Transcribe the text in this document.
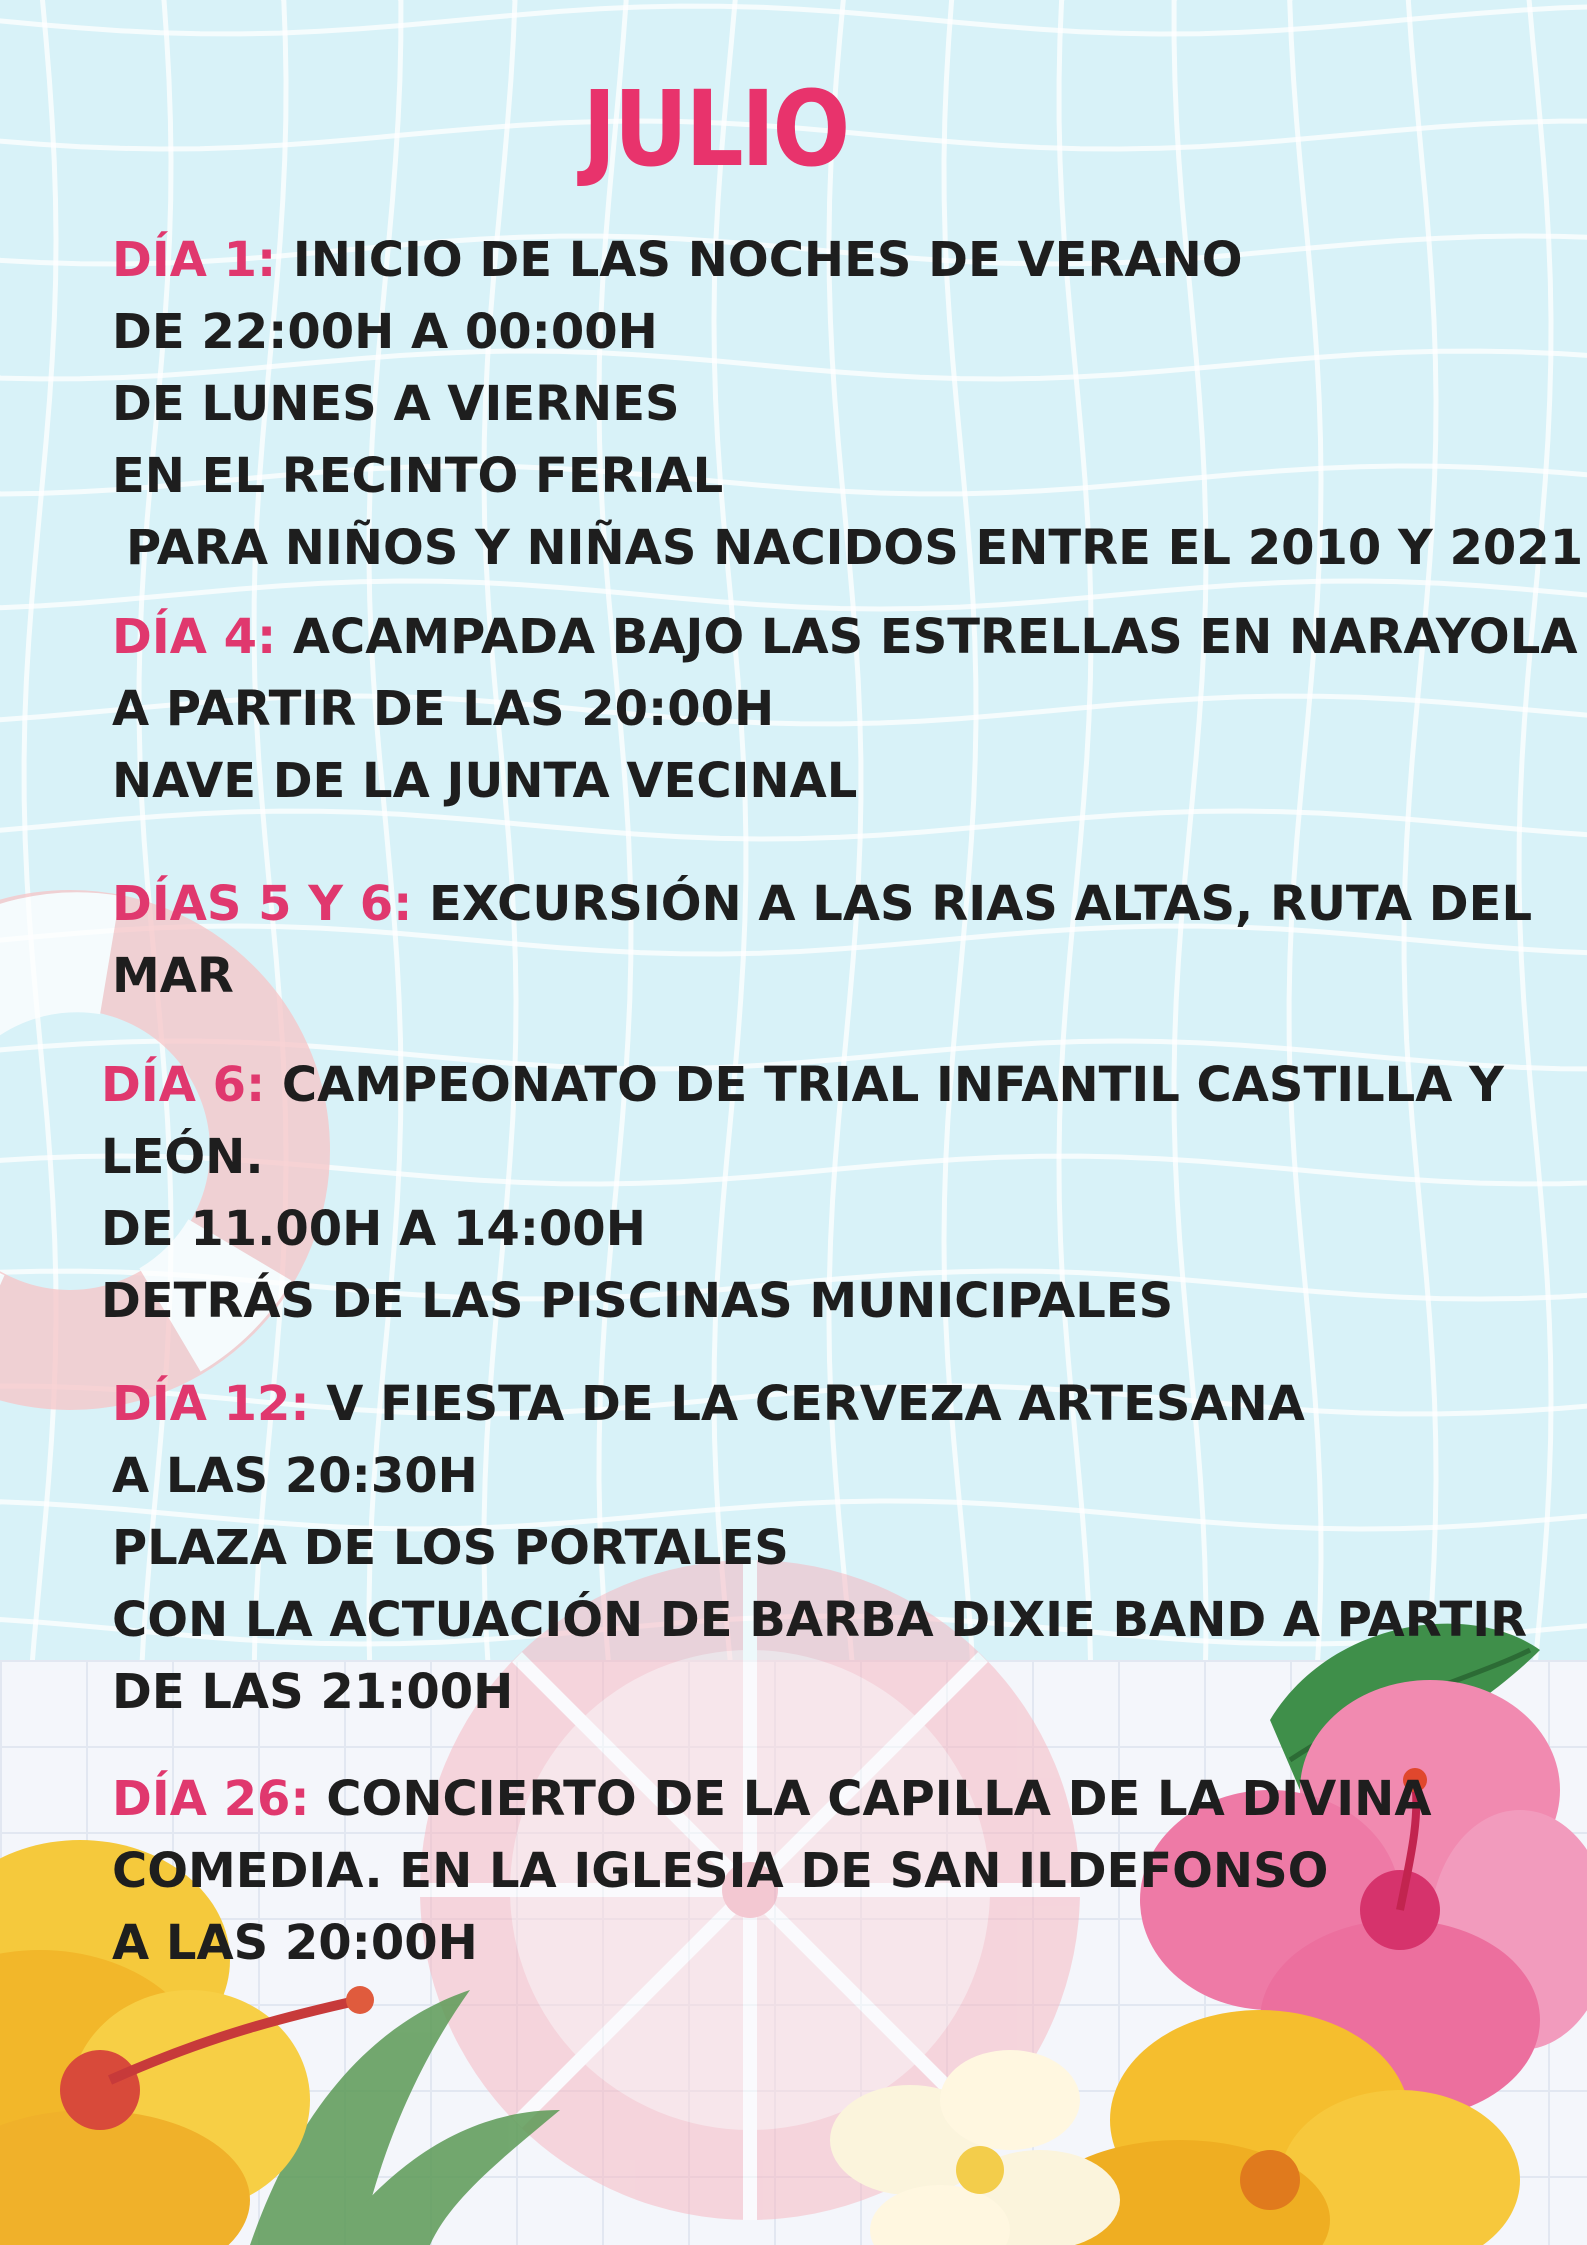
JULIO
DÍA 1: INICIO DE LAS NOCHES DE VERANO
DE 22:00H A 00:00H
DE LUNES A VIERNES
EN EL RECINTO FERIAL
PARA NIÑOS Y NIÑAS NACIDOS ENTRE EL 2010 Y 2021
DÍA 4: ACAMPADA BAJO LAS ESTRELLAS EN NARAYOLA
A PARTIR DE LAS 20:00H
NAVE DE LA JUNTA VECINAL
DÍAS 5 Y 6: EXCURSIÓN A LAS RIAS ALTAS, RUTA DEL
MAR
DÍA 6: CAMPEONATO DE TRIAL INFANTIL CASTILLA Y
LEÓN.
DE 11.00H A 14:00H
DETRÁS DE LAS PISCINAS MUNICIPALES
DÍA 12: V FIESTA DE LA CERVEZA ARTESANA
A LAS 20:30H
PLAZA DE LOS PORTALES
CON LA ACTUACIÓN DE BARBA DIXIE BAND A PARTIR
DE LAS 21:00H
DÍA 26: CONCIERTO DE LA CAPILLA DE LA DIVINA
COMEDIA. EN LA IGLESIA DE SAN ILDEFONSO
A LAS 20:00H
